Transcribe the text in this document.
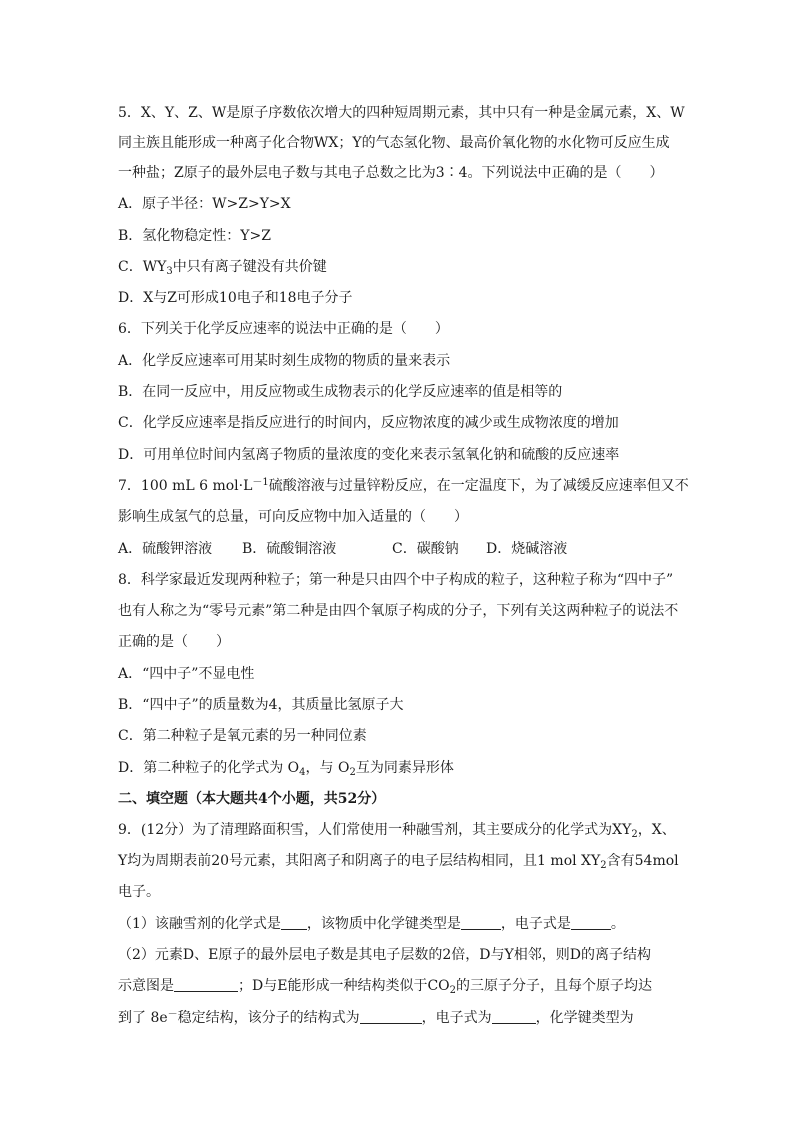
5．X、Y、Z、W是原子序数依次增大的四种短周期元素，其中只有一种是金属元素，X、W
同主族且能形成一种离子化合物WX；Y的气态氢化物、最高价氧化物的水化物可反应生成
一种盐；Z原子的最外层电子数与其电子总数之比为3∶4。下列说法中正确的是（　　）
A．原子半径：W>Z>Y>X
B．氢化物稳定性：Y>Z
C．$WY_3$中只有离子键没有共价键
D．X与Z可形成10电子和18电子分子
6．下列关于化学反应速率的说法中正确的是（　　）
A．化学反应速率可用某时刻生成物的物质的量来表示
B．在同一反应中，用反应物或生成物表示的化学反应速率的值是相等的
C．化学反应速率是指反应进行的时间内，反应物浓度的减少或生成物浓度的增加
D．可用单位时间内氢离子物质的量浓度的变化来表示氢氧化钠和硫酸的反应速率
7．100 mL 6 $mol\cdot L^{-1}$硫酸溶液与过量锌粉反应，在一定温度下，为了减缓反应速率但又不
影响生成氢气的总量，可向反应物中加入适量的（　　）
A．硫酸钾溶液 B．硫酸铜溶液	C．碳酸钠 D．烧碱溶液
8．科学家最近发现两种粒子；第一种是只由四个中子构成的粒子，这种粒子称为“四中子”
也有人称之为“零号元素”第二种是由四个氧原子构成的分子，下列有关这两种粒子的说法不
正确的是（　　）
A．“四中子”不显电性
B．“四中子”的质量数为4，其质量比氢原子大
C．第二种粒子是氧元素的另一种同位素
D．第二种粒子的化学式为 $O_4$，与 $O_2$互为同素异形体
二、填空题（本大题共4个小题，共52分）
9．(12分）为了清理路面积雪，人们常使用一种融雪剂，其主要成分的化学式为$XY_2$，X、
Y均为周期表前20号元素，其阳离子和阴离子的电子层结构相同，且1 mol $XY_2$含有54mol
电子。
（1）该融雪剂的化学式是 ，该物质中化学键类型是	，电子式是	。
（2）元素D、E原子的最外层电子数是其电子层数的2倍，D与Y相邻，则D的离子结构
示意图是	；D与E能形成一种结构类似于$CO_2$的三原子分子，且每个原子均达
到了 8e－稳定结构，该分子的结构式为	，电子式为	，化学键类型为
